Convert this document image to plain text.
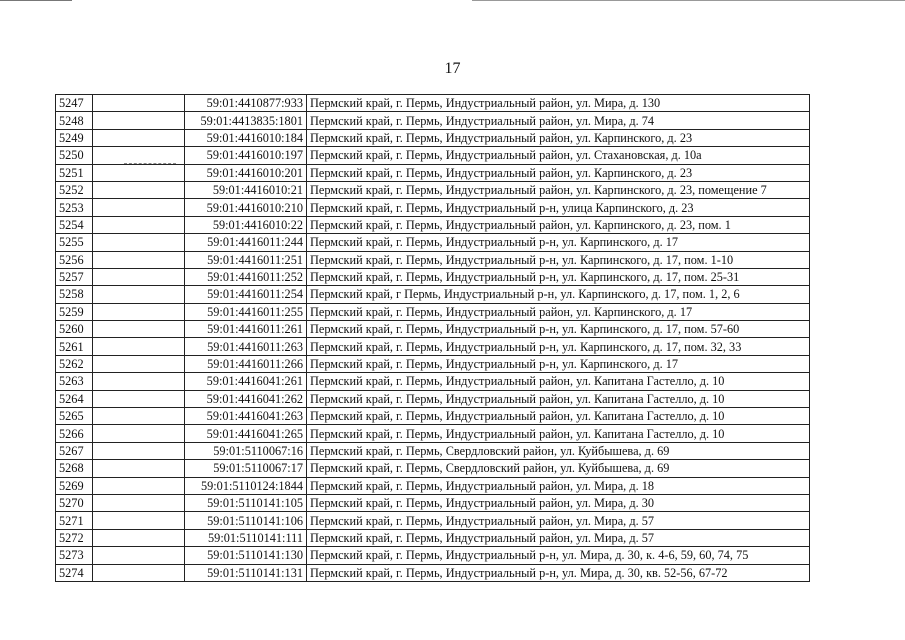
17
5247		59:01:4410877:933	Пермский край, г. Пермь, Индустриальный район, ул. Мира, д. 130
5248		59:01:4413835:1801	Пермский край, г. Пермь, Индустриальный район, ул. Мира, д. 74
5249		59:01:4416010:184	Пермский край, г. Пермь, Индустриальный район, ул. Карпинского, д. 23
5250		59:01:4416010:197	Пермский край, г. Пермь, Индустриальный район, ул. Стахановская, д. 10а
5251		59:01:4416010:201	Пермский край, г. Пермь, Индустриальный район, ул. Карпинского, д. 23
5252		59:01:4416010:21	Пермский край, г. Пермь, Индустриальный район, ул. Карпинского, д. 23, помещение 7
5253		59:01:4416010:210	Пермский край, г. Пермь, Индустриальный р-н, улица Карпинского, д. 23
5254		59:01:4416010:22	Пермский край, г. Пермь, Индустриальный район, ул. Карпинского, д. 23, пом. 1
5255		59:01:4416011:244	Пермский край, г. Пермь, Индустриальный р-н, ул. Карпинского, д. 17
5256		59:01:4416011:251	Пермский край, г. Пермь, Индустриальный р-н, ул. Карпинского, д. 17, пом. 1-10
5257		59:01:4416011:252	Пермский край, г. Пермь, Индустриальный р-н, ул. Карпинского, д. 17, пом. 25-31
5258		59:01:4416011:254	Пермский край, г Пермь, Индустриальный р-н, ул. Карпинского, д. 17, пом. 1, 2, 6
5259		59:01:4416011:255	Пермский край, г. Пермь, Индустриальный район, ул. Карпинского, д. 17
5260		59:01:4416011:261	Пермский край, г. Пермь, Индустриальный р-н, ул. Карпинского, д. 17, пом. 57-60
5261		59:01:4416011:263	Пермский край, г. Пермь, Индустриальный р-н, ул. Карпинского, д. 17, пом. 32, 33
5262		59:01:4416011:266	Пермский край, г. Пермь, Индустриальный р-н, ул. Карпинского, д. 17
5263		59:01:4416041:261	Пермский край, г. Пермь, Индустриальный район, ул. Капитана Гастелло, д. 10
5264		59:01:4416041:262	Пермский край, г. Пермь, Индустриальный район, ул. Капитана Гастелло, д. 10
5265		59:01:4416041:263	Пермский край, г. Пермь, Индустриальный район, ул. Капитана Гастелло, д. 10
5266		59:01:4416041:265	Пермский край, г. Пермь, Индустриальный район, ул. Капитана Гастелло, д. 10
5267		59:01:5110067:16	Пермский край, г. Пермь, Свердловский район, ул. Куйбышева, д. 69
5268		59:01:5110067:17	Пермский край, г. Пермь, Свердловский район, ул. Куйбышева, д. 69
5269		59:01:5110124:1844	Пермский край, г. Пермь, Индустриальный район, ул. Мира, д. 18
5270		59:01:5110141:105	Пермский край, г. Пермь, Индустриальный район, ул. Мира, д. 30
5271		59:01:5110141:106	Пермский край, г. Пермь, Индустриальный район, ул. Мира, д. 57
5272		59:01:5110141:111	Пермский край, г. Пермь, Индустриальный район, ул. Мира, д. 57
5273		59:01:5110141:130	Пермский край, г. Пермь, Индустриальный р-н, ул. Мира, д. 30, к. 4-6, 59, 60, 74, 75
5274		59:01:5110141:131	Пермский край, г. Пермь, Индустриальный р-н, ул. Мира, д. 30, кв. 52-56, 67-72
